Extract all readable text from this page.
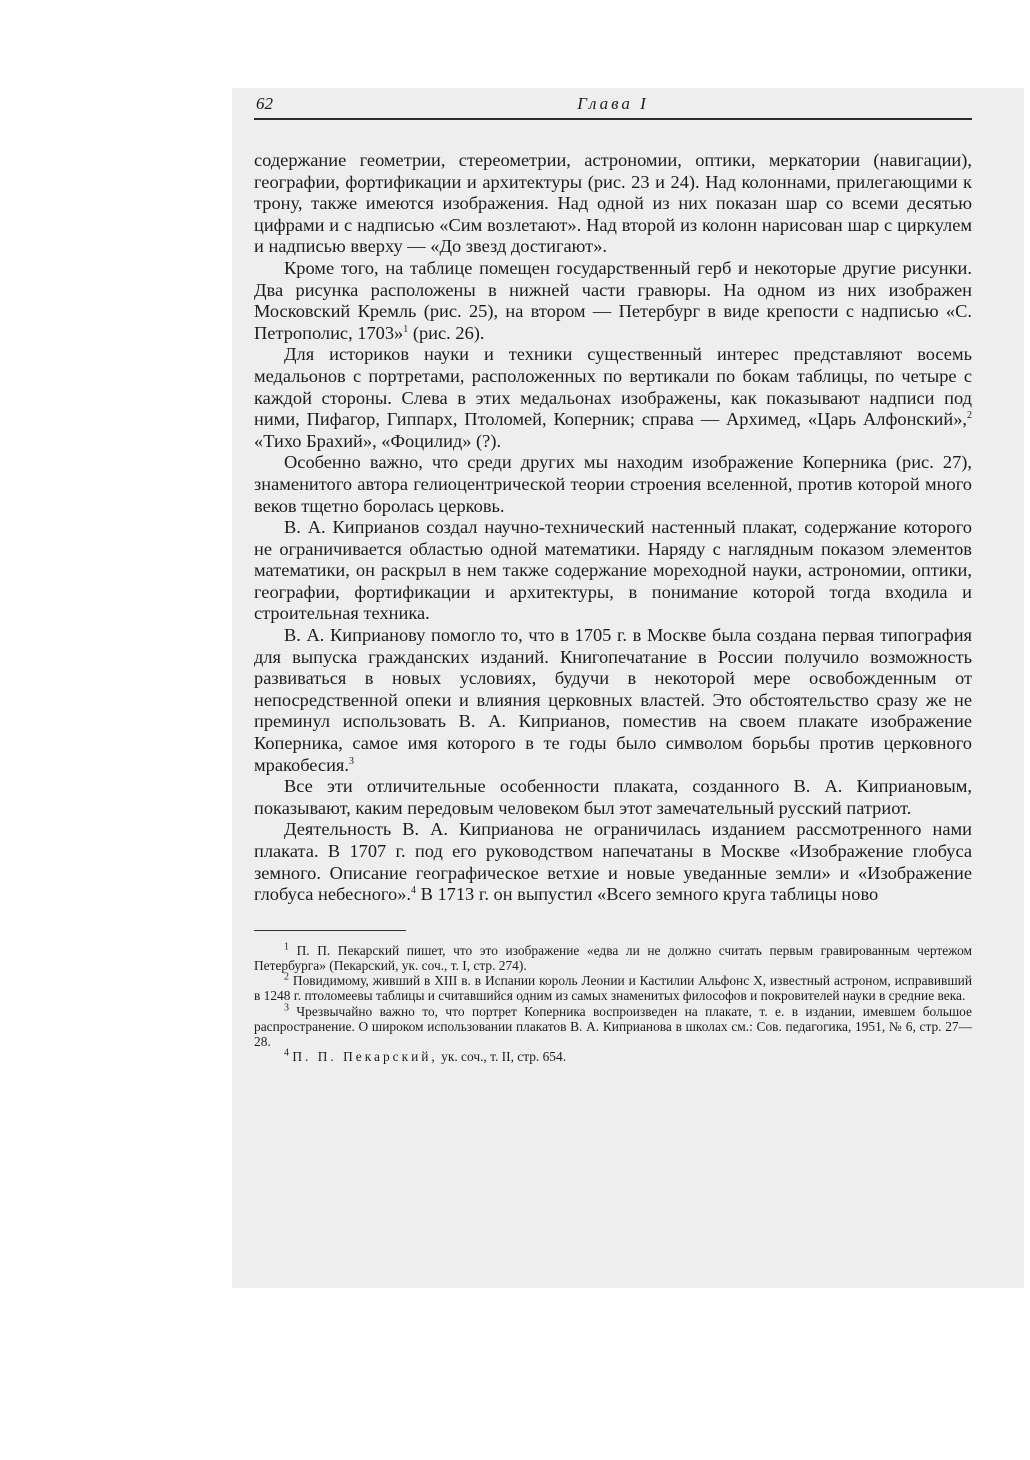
62	Глава I

содержание геометрии, стереометрии, астрономии, оптики, меркатории (навигации), географии, фортификации и архитектуры (рис. 23 и 24). Над колоннами, прилегающими к трону, также имеются изображения. Над одной из них показан шар со всеми десятью цифрами и с надписью «Сим возлетают». Над второй из колонн нарисован шар с циркулем и надписью вверху — «До звезд достигают».

Кроме того, на таблице помещен государственный герб и некоторые другие рисунки. Два рисунка расположены в нижней части гравюры. На одном из них изображен Московский Кремль (рис. 25), на втором — Петербург в виде крепости с надписью «С. Петрополис, 1703»$^1$ (рис. 26).

Для историков науки и техники существенный интерес представляют восемь медальонов с портретами, расположенных по вертикали по бокам таблицы, по четыре с каждой стороны. Слева в этих медальонах изображены, как показывают надписи под ними, Пифагор, Гиппарх, Птоломей, Коперник; справа — Архимед, «Царь Алфонский»,$^2$ «Тихо Брахий», «Фоцилид» (?).

Особенно важно, что среди других мы находим изображение Коперника (рис. 27), знаменитого автора гелиоцентрической теории строения вселенной, против которой много веков тщетно боролась церковь.

В. А. Киприанов создал научно-технический настенный плакат, содержание которого не ограничивается областью одной математики. Наряду с наглядным показом элементов математики, он раскрыл в нем также содержание мореходной науки, астрономии, оптики, географии, фортификации и архитектуры, в понимание которой тогда входила и строительная техника.

В. А. Киприанову помогло то, что в 1705 г. в Москве была создана первая типография для выпуска гражданских изданий. Книгопечатание в России получило возможность развиваться в новых условиях, будучи в некоторой мере освобожденным от непосредственной опеки и влияния церковных властей. Это обстоятельство сразу же не преминул использовать В. А. Киприанов, поместив на своем плакате изображение Коперника, самое имя которого в те годы было символом борьбы против церковного мракобесия.$^3$

Все эти отличительные особенности плаката, созданного В. А. Киприановым, показывают, каким передовым человеком был этот замечательный русский патриот.

Деятельность В. А. Киприанова не ограничилась изданием рассмотренного нами плаката. В 1707 г. под его руководством напечатаны в Москве «Изображение глобуса земного. Описание географическое ветхие и новые уведанные земли» и «Изображение глобуса небесного».$^4$ В 1713 г. он выпустил «Всего земного круга таблицы ново

$^1$ П. П. Пекарский пишет, что это изображение «едва ли не должно считать первым гравированным чертежом Петербурга» (Пекарский, ук. соч., т. I, стр. 274).

$^2$ Повидимому, живший в XIII в. в Испании король Леонии и Кастилии Альфонс X, известный астроном, исправивший в 1248 г. птоломеевы таблицы и считавшийся одним из самых знаменитых философов и покровителей науки в средние века.

$^3$ Чрезвычайно важно то, что портрет Коперника воспроизведен на плакате, т. е. в издании, имевшем большое распространение. О широком использовании плакатов В. А. Киприанова в школах см.: Сов. педагогика, 1951, № 6, стр. 27—28.

$^4$ П. П. Пекарский, ук. соч., т. II, стр. 654.
